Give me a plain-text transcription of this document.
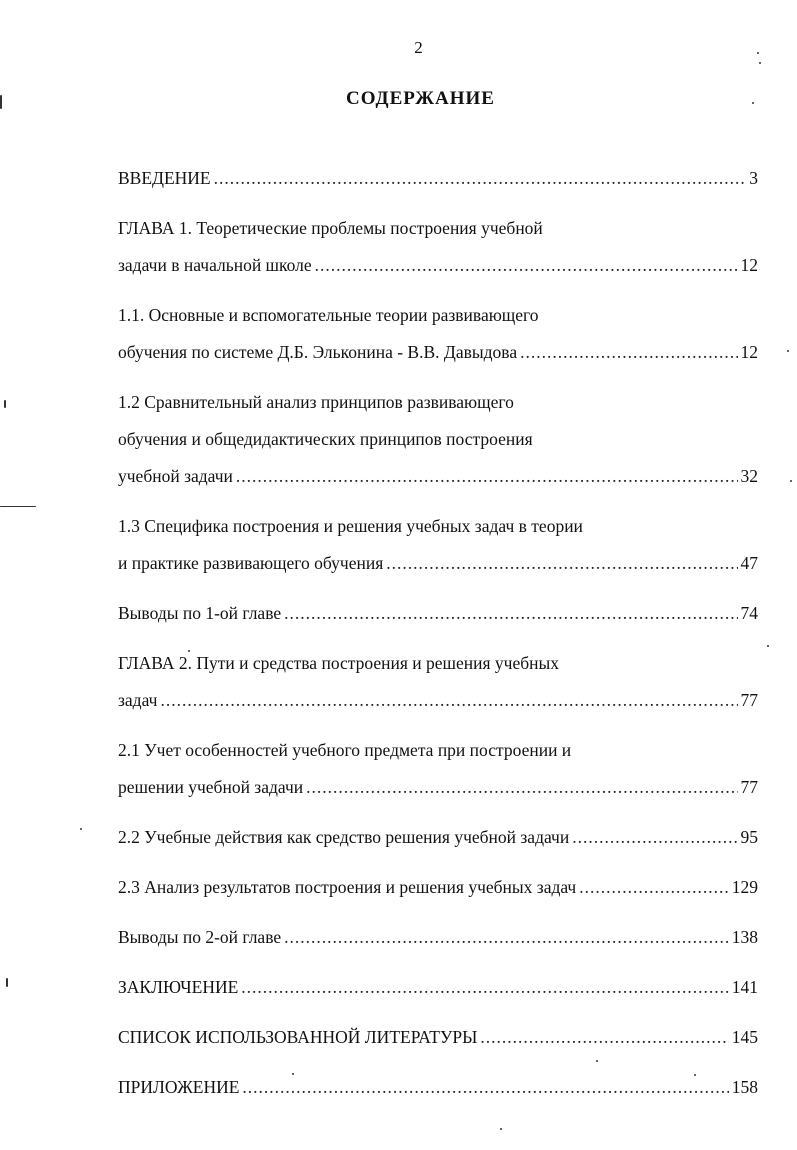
2
СОДЕРЖАНИЕ
ВВЕДЕНИЕ .....	3
ГЛАВА 1. Теоретические проблемы построения учебной
задачи в начальной школе .....	12
1.1. Основные и вспомогательные теории развивающего
обучения по системе Д.Б. Эльконина - В.В. Давыдова .....	12
1.2 Сравнительный анализ принципов развивающего
обучения и общедидактических принципов построения
учебной задачи .....	32
1.3 Специфика построения и решения учебных задач в теории
и практике развивающего обучения .....	47
Выводы по 1-ой главе .....	74
ГЛАВА 2. Пути и средства построения и решения учебных
задач .....	77
2.1 Учет особенностей учебного предмета при построении и
решении учебной задачи .....	77
2.2 Учебные действия как средство решения учебной задачи .....	95
2.3 Анализ результатов построения и решения учебных задач .....	129
Выводы по 2-ой главе .....	138
ЗАКЛЮЧЕНИЕ .....	141
СПИСОК ИСПОЛЬЗОВАННОЙ ЛИТЕРАТУРЫ .....	145
ПРИЛОЖЕНИЕ .....	158
